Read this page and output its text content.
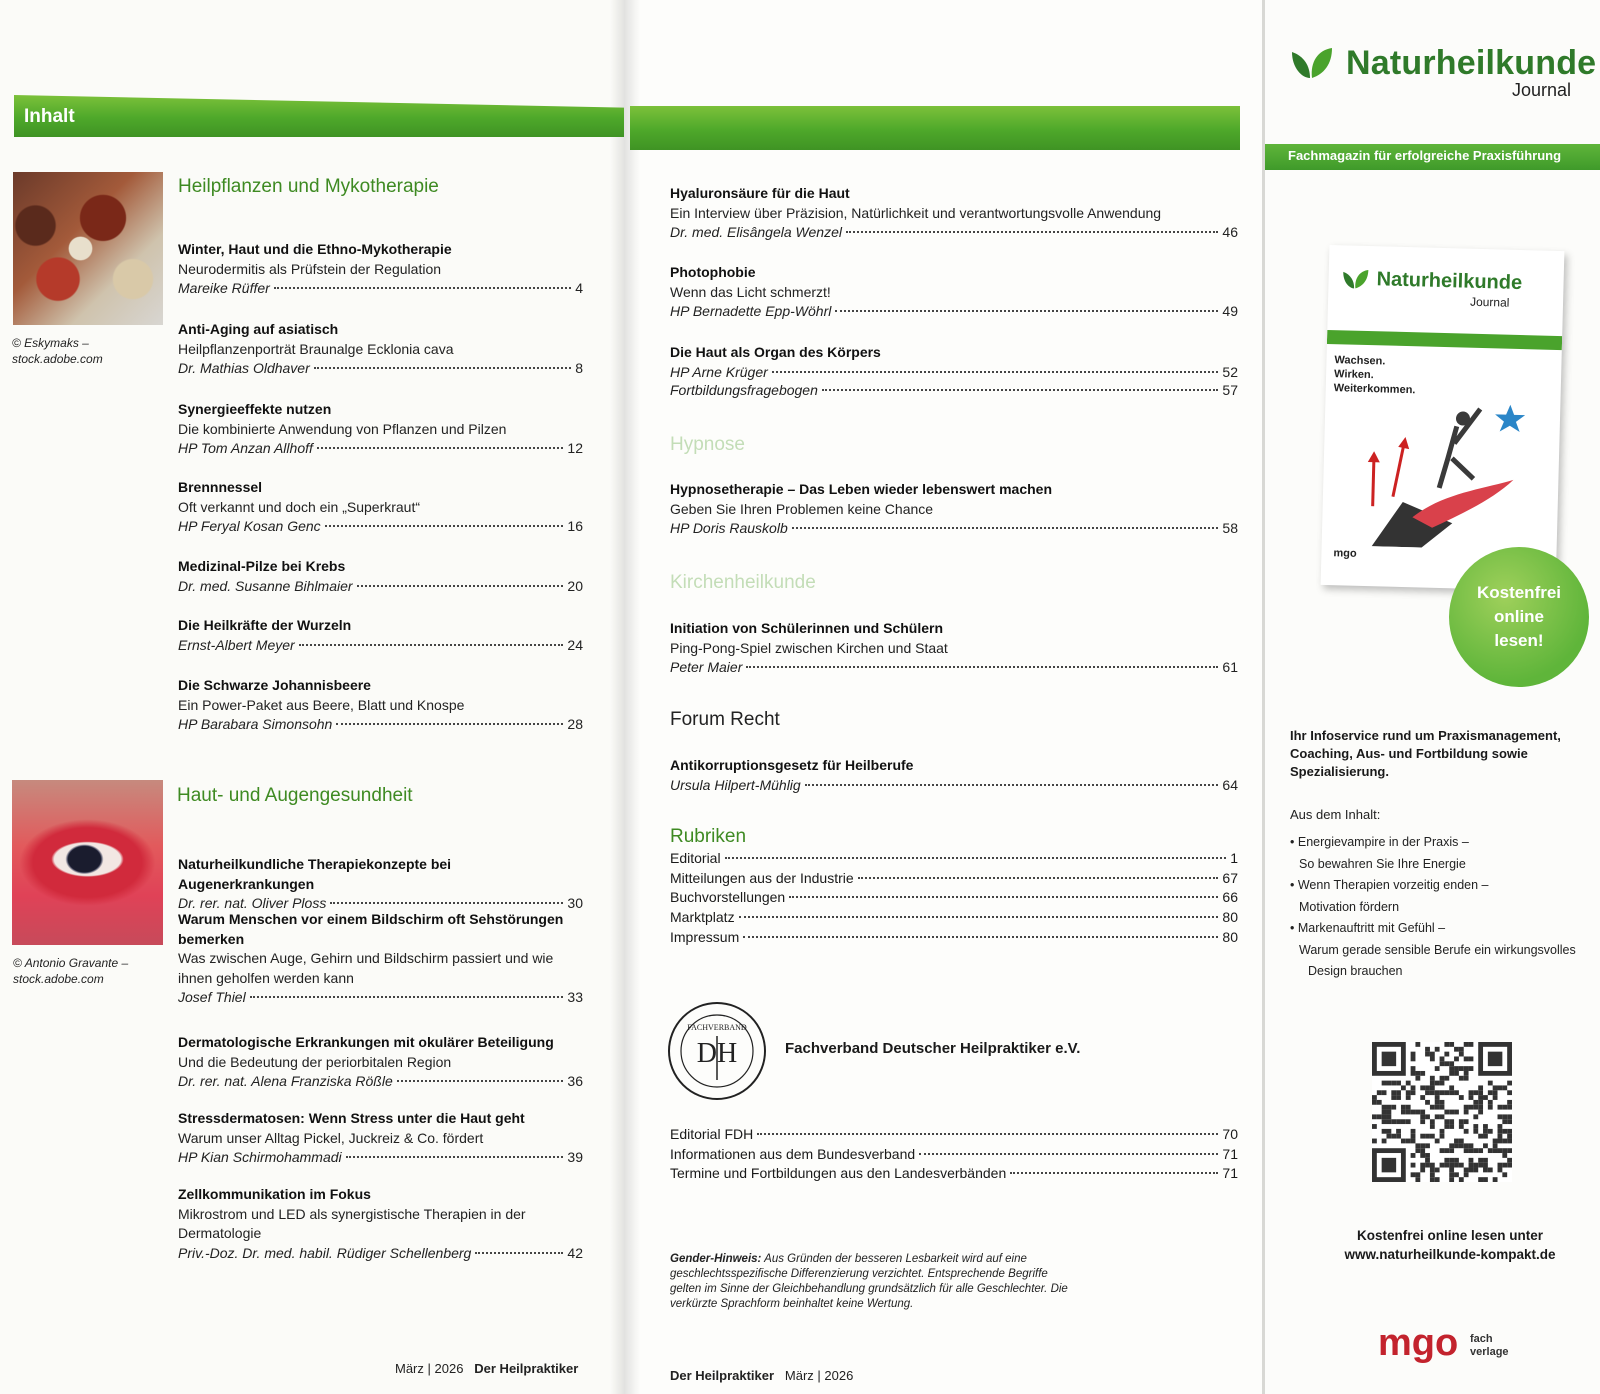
Inhalt
© Eskymaks –
stock.adobe.com
Heilpflanzen und Mykotherapie
© Antonio Gravante –
stock.adobe.com
Haut- und Augengesundheit
Winter, Haut und die Ethno-Mykotherapie
Neurodermitis als Prüfstein der Regulation
Mareike Rüffer	4
Anti-Aging auf asiatisch
Heilpflanzenporträt Braunalge Ecklonia cava
Dr. Mathias Oldhaver	8
Synergieeffekte nutzen
Die kombinierte Anwendung von Pflanzen und Pilzen
HP Tom Anzan Allhoff	12
Brennnessel
Oft verkannt und doch ein „Superkraut“
HP Feryal Kosan Genc	16
Medizinal-Pilze bei Krebs
Dr. med. Susanne Bihlmaier	20
Die Heilkräfte der Wurzeln
Ernst-Albert Meyer	24
Die Schwarze Johannisbeere
Ein Power-Paket aus Beere, Blatt und Knospe
HP Barabara Simonsohn	28
Naturheilkundliche Therapiekonzepte bei Augenerkrankungen
Dr. rer. nat. Oliver Ploss	30
Warum Menschen vor einem Bildschirm oft Sehstörungen bemerken
Was zwischen Auge, Gehirn und Bildschirm passiert und wie ihnen geholfen werden kann
Josef Thiel	33
Dermatologische Erkrankungen mit okulärer Beteiligung
Und die Bedeutung der periorbitalen Region
Dr. rer. nat. Alena Franziska Rößle	36
Stressdermatosen: Wenn Stress unter die Haut geht
Warum unser Alltag Pickel, Juckreiz & Co. fördert
HP Kian Schirmohammadi	39
Zellkommunikation im Fokus
Mikrostrom und LED als synergistische Therapien in der Dermatologie
Priv.-Doz. Dr. med. habil. Rüdiger Schellenberg	42
Hypnose
Kirchenheilkunde
Forum Recht
Rubriken
Hyaluronsäure für die Haut
Ein Interview über Präzision, Natürlichkeit und verantwortungsvolle Anwendung
Dr. med. Elisângela Wenzel	46
Photophobie
Wenn das Licht schmerzt!
HP Bernadette Epp-Wöhrl	49
Die Haut als Organ des Körpers
HP Arne Krüger	52
Fortbildungsfragebogen	57
Hypnosetherapie – Das Leben wieder lebenswert machen
Geben Sie Ihren Problemen keine Chance
HP Doris Rauskolb	58
Initiation von Schülerinnen und Schülern
Ping-Pong-Spiel zwischen Kirchen und Staat
Peter Maier	61
Antikorruptionsgesetz für Heilberufe
Ursula Hilpert-Mühlig	64
Editorial	1
Mitteilungen aus der Industrie	67
Buchvorstellungen	66
Marktplatz	80
Impressum	80
DH
FACHVERBAND
Fachverband Deutscher Heilpraktiker e.V.
Editorial FDH	70
Informationen aus dem Bundesverband	71
Termine und Fortbildungen aus den Landesverbänden	71
Gender-Hinweis: Aus Gründen der besseren Lesbarkeit wird auf eine geschlechtsspezifische Differenzierung verzichtet. Entsprechende Begriffe gelten im Sinne der Gleichbehandlung grundsätzlich für alle Geschlechter. Die verkürzte Sprachform beinhaltet keine Wertung.
März | 2026 Der Heilpraktiker	Der Heilpraktiker März | 2026
Naturheilkunde
Journal
Fachmagazin für erfolgreiche Praxisführung
Naturheilkunde
Journal
Wachsen.
Wirken.
Weiterkommen.
mgo
Kostenfrei
online
lesen!
Ihr Infoservice rund um Praxismanagement, Coaching, Aus- und Fortbildung sowie Spezialisierung.
Aus dem Inhalt:
• Energievampire in der Praxis –
So bewahren Sie Ihre Energie
• Wenn Therapien vorzeitig enden –
Motivation fördern
• Markenauftritt mit Gefühl –
Warum gerade sensible Berufe ein wirkungsvolles Design brauchen
Kostenfrei online lesen unter
www.naturheilkunde-kompakt.de
mgo fach
verlage
